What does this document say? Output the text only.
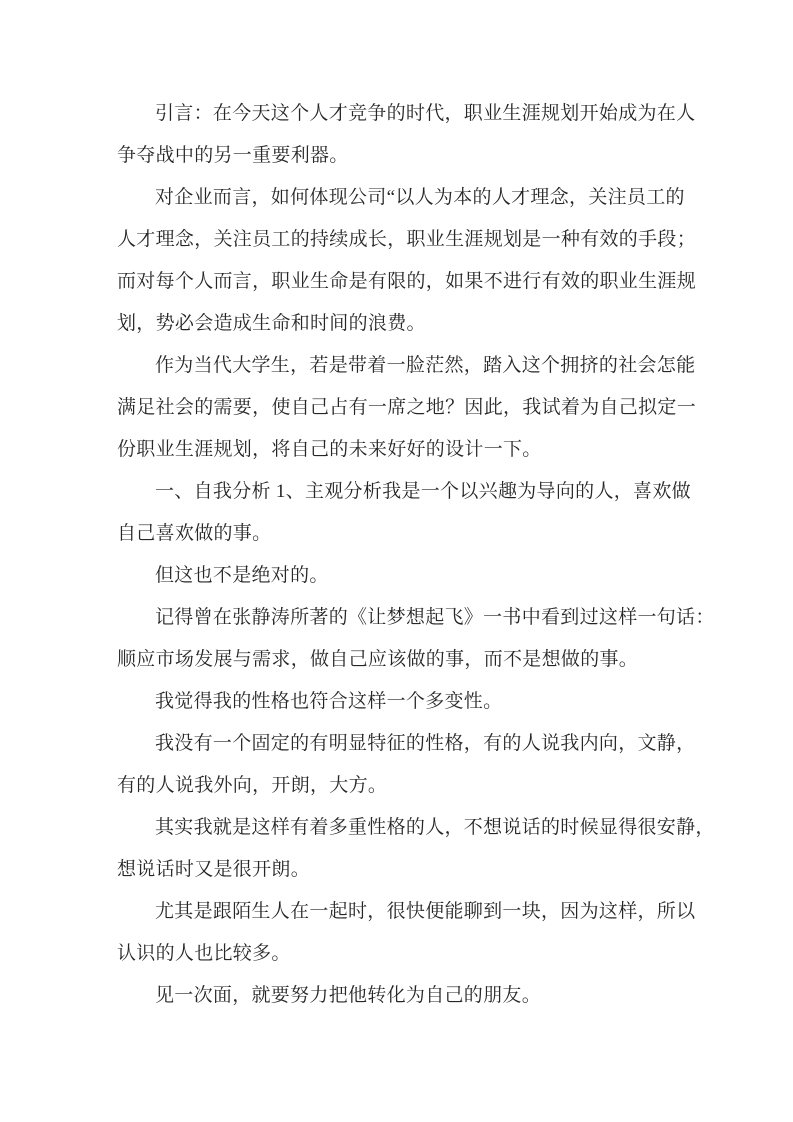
引言：在今天这个人才竞争的时代，职业生涯规划开始成为在人
争夺战中的另一重要利器。
对企业而言，如何体现公司“以人为本的人才理念，关注员工的
人才理念，关注员工的持续成长，职业生涯规划是一种有效的手段；
而对每个人而言，职业生命是有限的，如果不进行有效的职业生涯规
划，势必会造成生命和时间的浪费。
作为当代大学生，若是带着一脸茫然，踏入这个拥挤的社会怎能
满足社会的需要，使自己占有一席之地？因此，我试着为自己拟定一
份职业生涯规划，将自己的未来好好的设计一下。
一、自我分析 1、主观分析我是一个以兴趣为导向的人，喜欢做
自己喜欢做的事。
但这也不是绝对的。
记得曾在张静涛所著的《让梦想起飞》一书中看到过这样一句话：
顺应市场发展与需求，做自己应该做的事，而不是想做的事。
我觉得我的性格也符合这样一个多变性。
我没有一个固定的有明显特征的性格，有的人说我内向，文静，
有的人说我外向，开朗，大方。
其实我就是这样有着多重性格的人，不想说话的时候显得很安静，
想说话时又是很开朗。
尤其是跟陌生人在一起时，很快便能聊到一块，因为这样，所以
认识的人也比较多。
见一次面，就要努力把他转化为自己的朋友。
